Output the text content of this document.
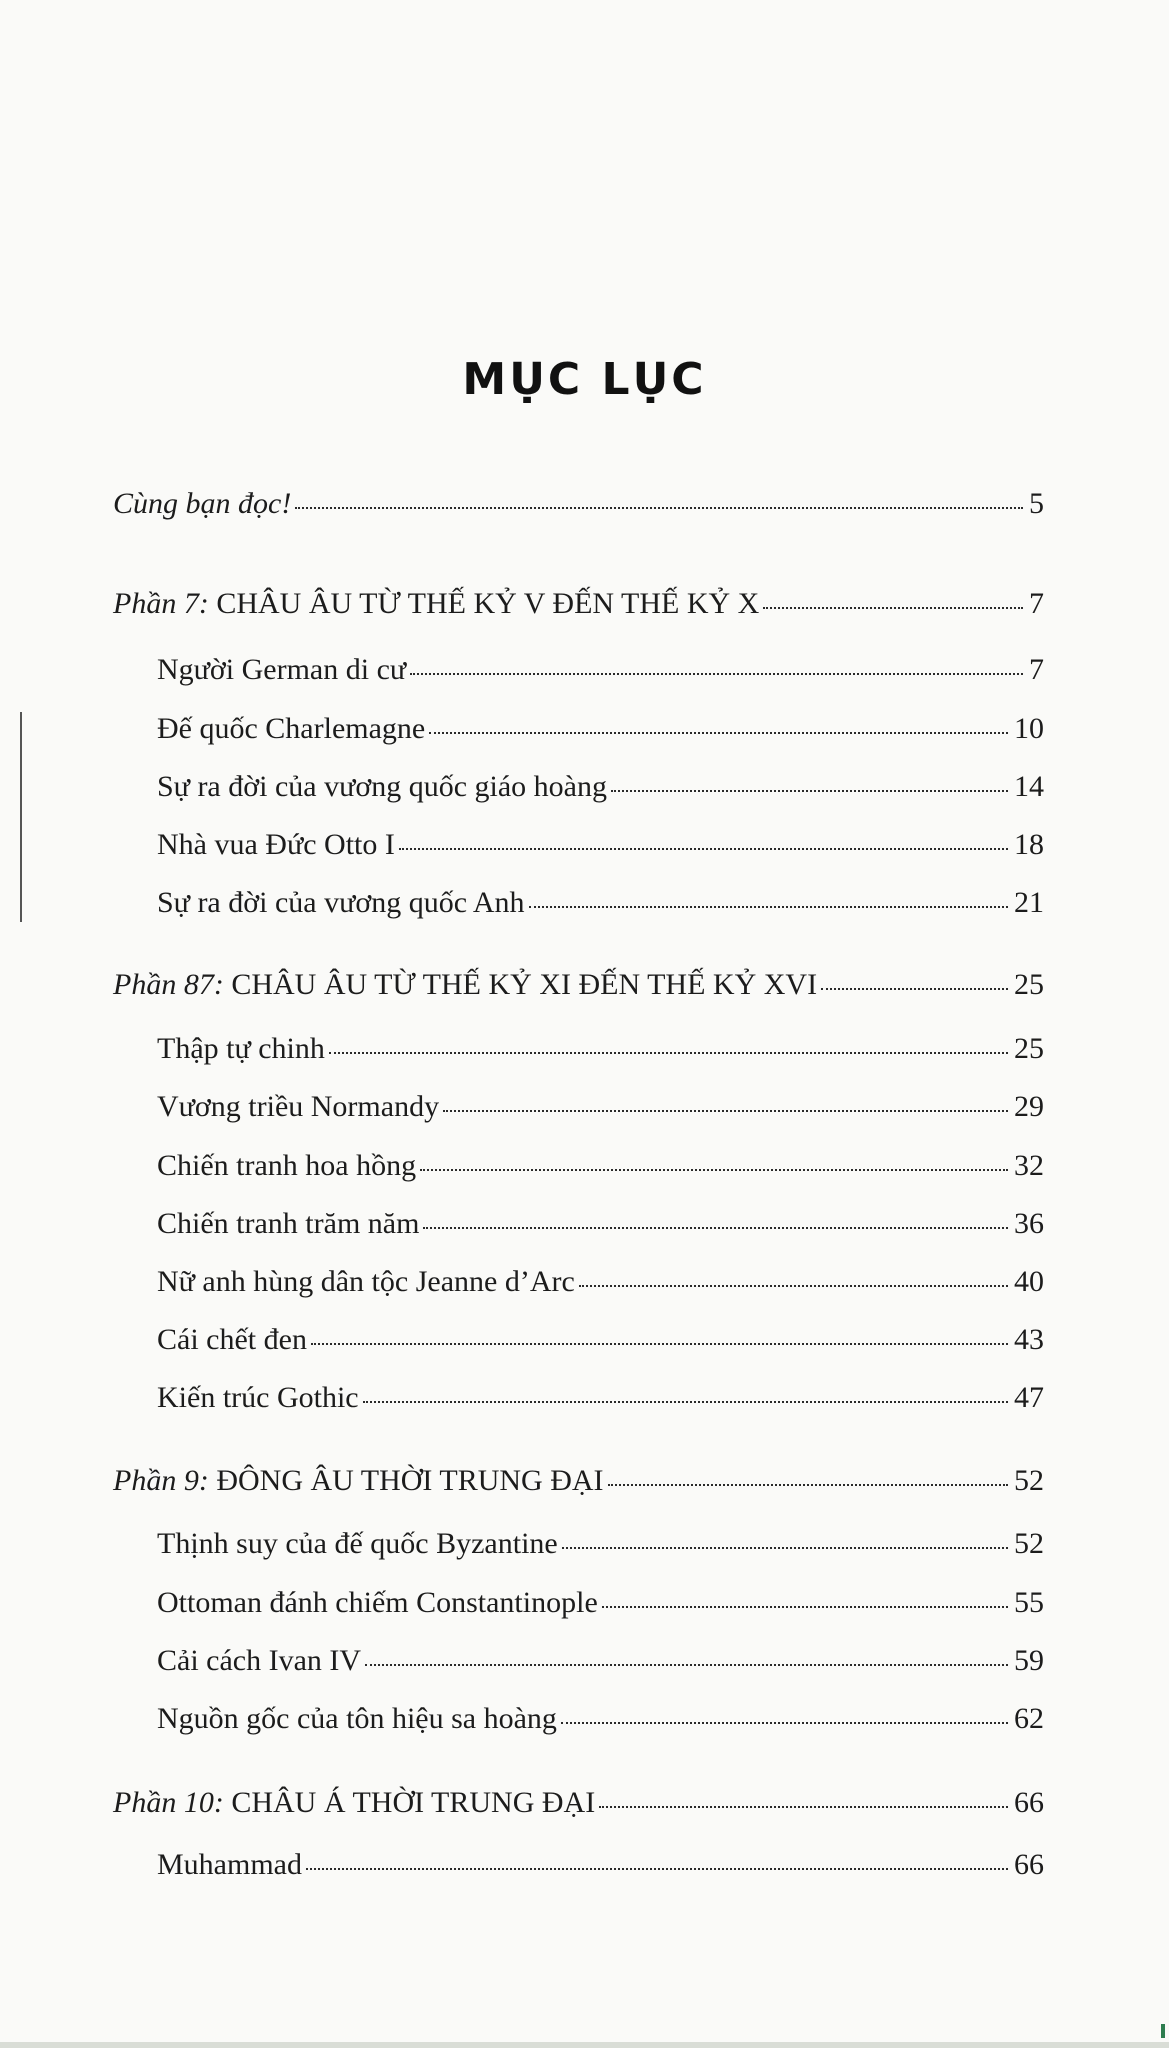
MỤC LỤC
Cùng bạn đọc!	5
Phần 7: CHÂU ÂU TỪ THẾ KỶ V ĐẾN THẾ KỶ X	7
Người German di cư	7
Đế quốc Charlemagne	10
Sự ra đời của vương quốc giáo hoàng	14
Nhà vua Đức Otto I	18
Sự ra đời của vương quốc Anh	21
Phần 87: CHÂU ÂU TỪ THẾ KỶ XI ĐẾN THẾ KỶ XVI	25
Thập tự chinh	25
Vương triều Normandy	29
Chiến tranh hoa hồng	32
Chiến tranh trăm năm	36
Nữ anh hùng dân tộc Jeanne d’Arc	40
Cái chết đen	43
Kiến trúc Gothic	47
Phần 9: ĐÔNG ÂU THỜI TRUNG ĐẠI	52
Thịnh suy của đế quốc Byzantine	52
Ottoman đánh chiếm Constantinople	55
Cải cách Ivan IV	59
Nguồn gốc của tôn hiệu sa hoàng	62
Phần 10: CHÂU Á THỜI TRUNG ĐẠI	66
Muhammad	66
